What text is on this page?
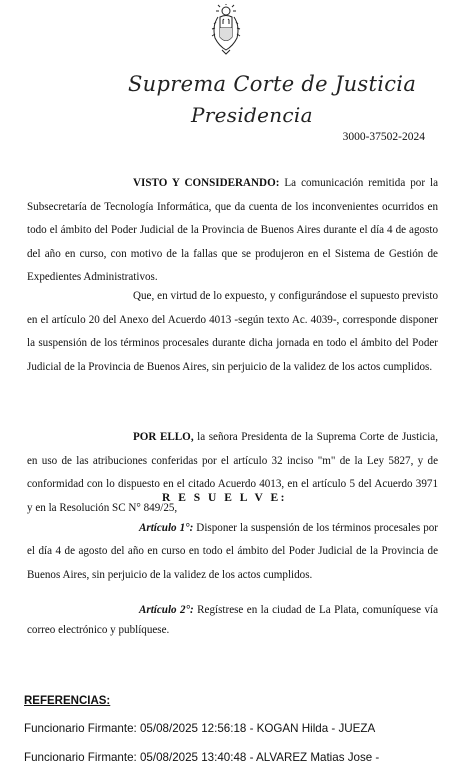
Suprema Corte de Justicia
Presidencia
3000-37502-2024

VISTO Y CONSIDERANDO: La comunicación remitida por la Subsecretaría de Tecnología Informática, que da cuenta de los inconvenientes ocurridos en todo el ámbito del Poder Judicial de la Provincia de Buenos Aires durante el día 4 de agosto del año en curso, con motivo de la fallas que se produjeron en el Sistema de Gestión de Expedientes Administrativos.

Que, en virtud de lo expuesto, y configurándose el supuesto previsto en el artículo 20 del Anexo del Acuerdo 4013 -según texto Ac. 4039-, corresponde disponer la suspensión de los términos procesales durante dicha jornada en todo el ámbito del Poder Judicial de la Provincia de Buenos Aires, sin perjuicio de la validez de los actos cumplidos.

POR ELLO, la señora Presidenta de la Suprema Corte de Justicia, en uso de las atribuciones conferidas por el artículo 32 inciso "m" de la Ley 5827, y de conformidad con lo dispuesto en el citado Acuerdo 4013, en el artículo 5 del Acuerdo 3971 y en la Resolución SC N° 849/25,

R E S U E L V E:

Artículo 1°: Disponer la suspensión de los términos procesales por el día 4 de agosto del año en curso en todo el ámbito del Poder Judicial de la Provincia de Buenos Aires, sin perjuicio de la validez de los actos cumplidos.

Artículo 2°: Regístrese en la ciudad de La Plata, comuníquese vía correo electrónico y publíquese.

REFERENCIAS:
Funcionario Firmante: 05/08/2025 12:56:18 - KOGAN Hilda - JUEZA
Funcionario Firmante: 05/08/2025 13:40:48 - ALVAREZ Matias Jose -
